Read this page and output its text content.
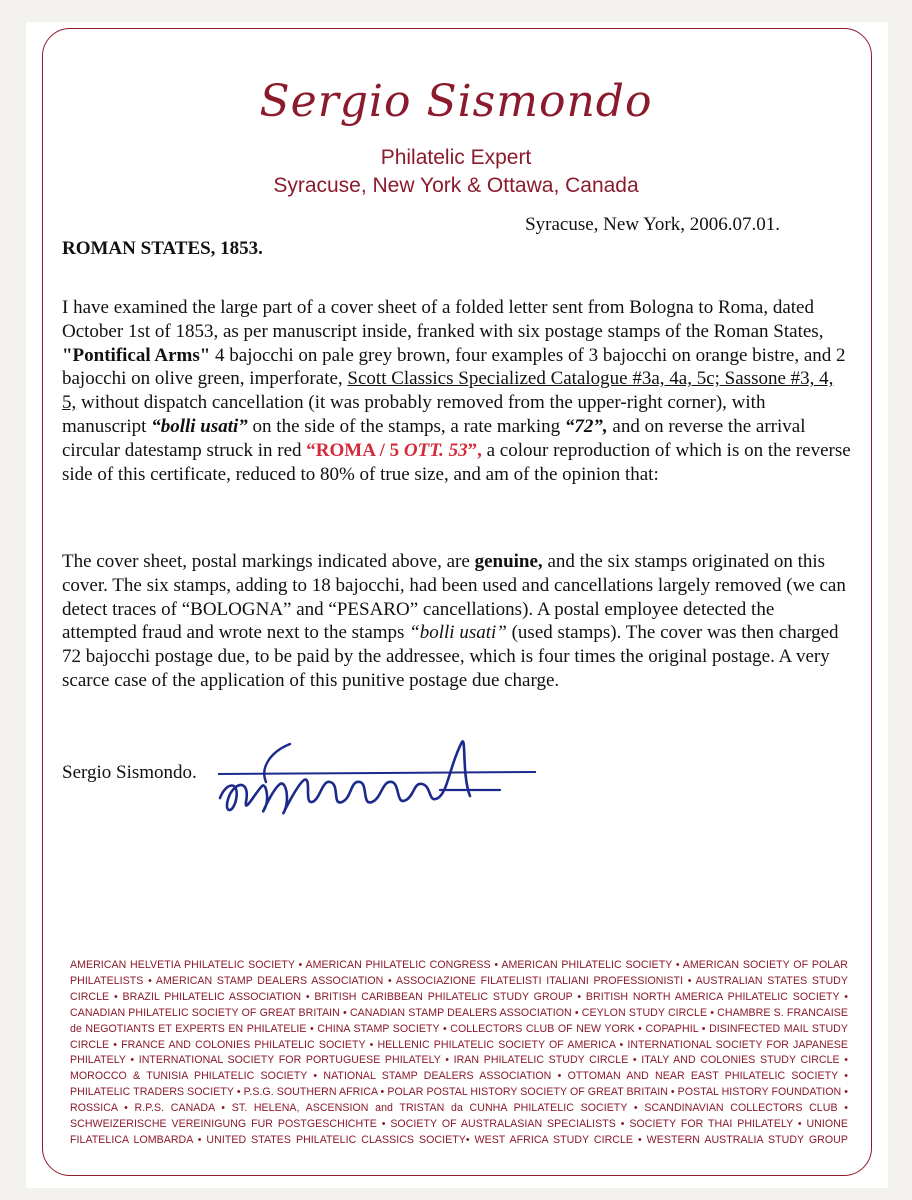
Sergio Sismondo
Philatelic Expert
Syracuse, New York & Ottawa, Canada
Syracuse, New York, 2006.07.01.
ROMAN STATES, 1853.
I have examined the large part of a cover sheet of a folded letter sent from Bologna to Roma, dated October 1st of 1853, as per manuscript inside, franked with six postage stamps of the Roman States, "Pontifical Arms" 4 bajocchi on pale grey brown, four examples of 3 bajocchi on orange bistre, and 2 bajocchi on olive green, imperforate, Scott Classics Specialized Catalogue #3a, 4a, 5c; Sassone #3, 4, 5, without dispatch cancellation (it was probably removed from the upper-right corner), with manuscript “bolli usati” on the side of the stamps, a rate marking “72”, and on reverse the arrival circular datestamp struck in red “ROMA / 5 OTT. 53”, a colour reproduction of which is on the reverse side of this certificate, reduced to 80% of true size, and am of the opinion that:
The cover sheet, postal markings indicated above, are genuine, and the six stamps originated on this cover. The six stamps, adding to 18 bajocchi, had been used and cancellations largely removed (we can detect traces of “BOLOGNA” and “PESARO” cancellations). A postal employee detected the attempted fraud and wrote next to the stamps “bolli usati” (used stamps). The cover was then charged 72 bajocchi postage due, to be paid by the addressee, which is four times the original postage. A very scarce case of the application of this punitive postage due charge.
Sergio Sismondo.
AMERICAN HELVETIA PHILATELIC SOCIETY • AMERICAN PHILATELIC CONGRESS • AMERICAN PHILATELIC SOCIETY • AMERICAN SOCIETY OF POLAR PHILATELISTS • AMERICAN STAMP DEALERS ASSOCIATION • ASSOCIAZIONE FILATELISTI ITALIANI PROFESSIONISTI • AUSTRALIAN STATES STUDY CIRCLE • BRAZIL PHILATELIC ASSOCIATION • BRITISH CARIBBEAN PHILATELIC STUDY GROUP • BRITISH NORTH AMERICA PHILATELIC SOCIETY • CANADIAN PHILATELIC SOCIETY OF GREAT BRITAIN • CANADIAN STAMP DEALERS ASSOCIATION • CEYLON STUDY CIRCLE • CHAMBRE S. FRANCAISE de NEGOTIANTS ET EXPERTS EN PHILATELIE • CHINA STAMP SOCIETY • COLLECTORS CLUB OF NEW YORK • COPAPHIL • DISINFECTED MAIL STUDY CIRCLE • FRANCE AND COLONIES PHILATELIC SOCIETY • HELLENIC PHILATELIC SOCIETY OF AMERICA • INTERNATIONAL SOCIETY FOR JAPANESE PHILATELY • INTERNATIONAL SOCIETY FOR PORTUGUESE PHILATELY • IRAN PHILATELIC STUDY CIRCLE • ITALY AND COLONIES STUDY CIRCLE • MOROCCO & TUNISIA PHILATELIC SOCIETY • NATIONAL STAMP DEALERS ASSOCIATION • OTTOMAN AND NEAR EAST PHILATELIC SOCIETY • PHILATELIC TRADERS SOCIETY • P.S.G. SOUTHERN AFRICA • POLAR POSTAL HISTORY SOCIETY OF GREAT BRITAIN • POSTAL HISTORY FOUNDATION • ROSSICA • R.P.S. CANADA • ST. HELENA, ASCENSION and TRISTAN da CUNHA PHILATELIC SOCIETY • SCANDINAVIAN COLLECTORS CLUB • SCHWEIZERISCHE VEREINIGUNG FUR POSTGESCHICHTE • SOCIETY OF AUSTRALASIAN SPECIALISTS • SOCIETY FOR THAI PHILATELY • UNIONE FILATELICA LOMBARDA • UNITED STATES PHILATELIC CLASSICS SOCIETY• WEST AFRICA STUDY CIRCLE • WESTERN AUSTRALIA STUDY GROUP
